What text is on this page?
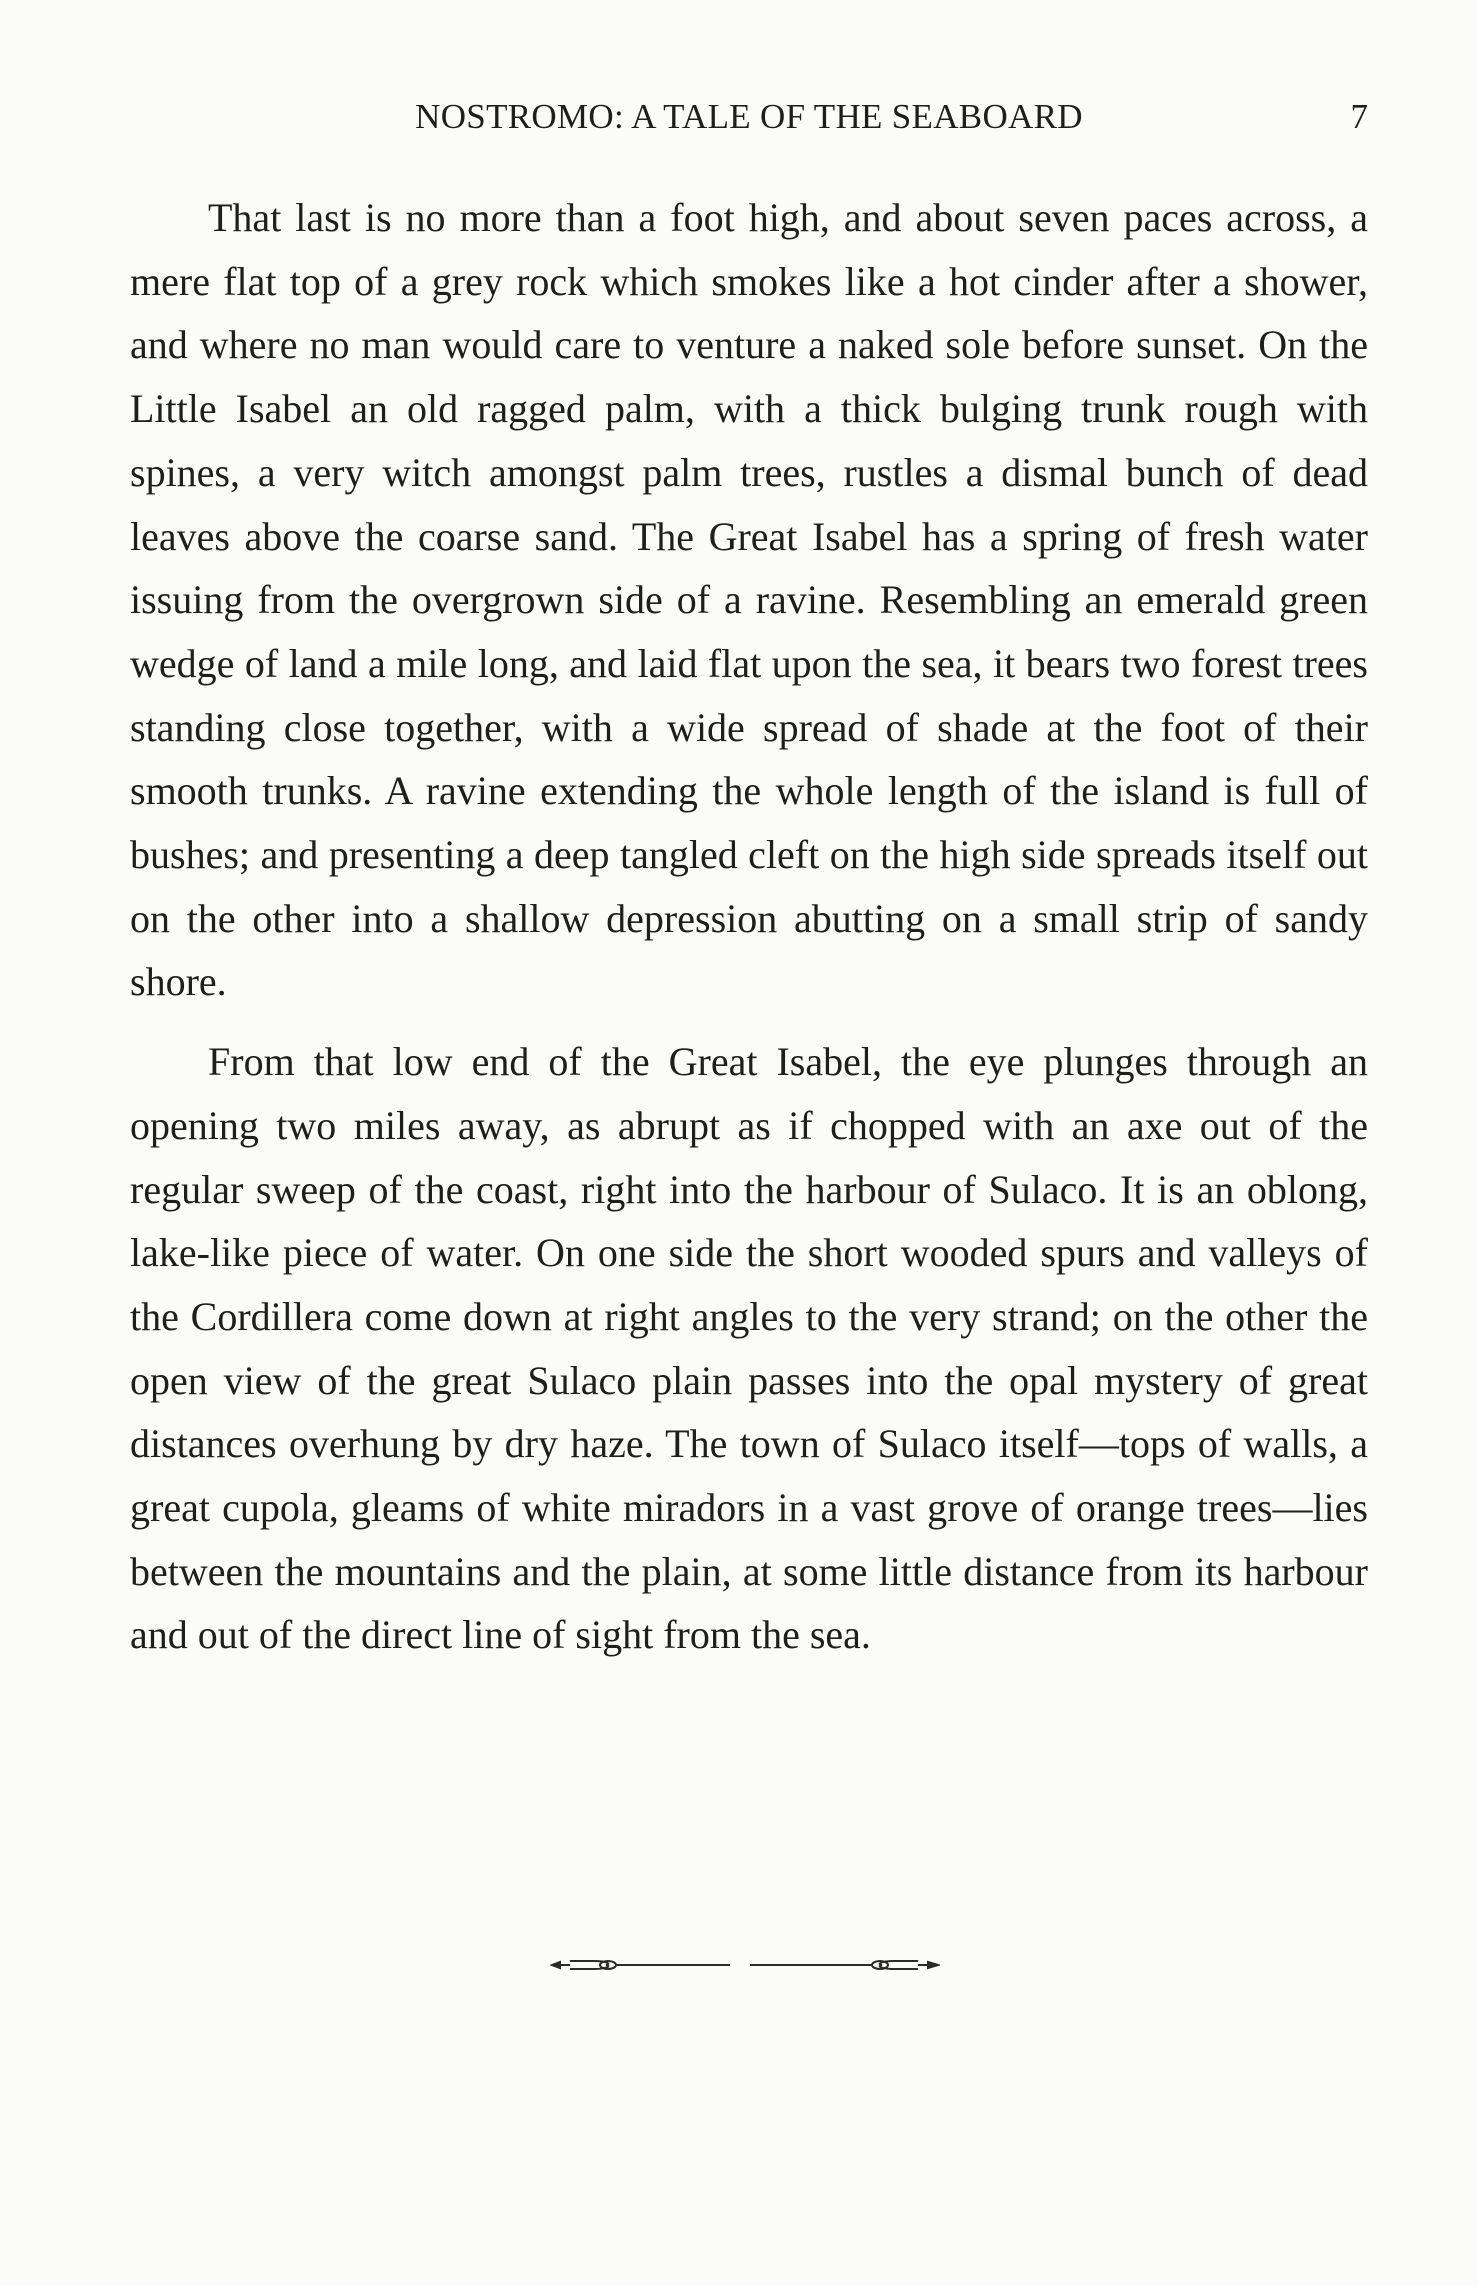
NOSTROMO: A TALE OF THE SEABOARD	7

That last is no more than a foot high, and about seven paces across, a mere flat top of a grey rock which smokes like a hot cinder after a shower, and where no man would care to venture a naked sole before sunset. On the Little Isabel an old ragged palm, with a thick bulging trunk rough with spines, a very witch amongst palm trees, rustles a dismal bunch of dead leaves above the coarse sand. The Great Isabel has a spring of fresh water issuing from the overgrown side of a ravine. Resembling an emerald green wedge of land a mile long, and laid flat upon the sea, it bears two forest trees standing close together, with a wide spread of shade at the foot of their smooth trunks. A ravine extending the whole length of the island is full of bushes; and presenting a deep tangled cleft on the high side spreads itself out on the other into a shallow depression abutting on a small strip of sandy shore.

From that low end of the Great Isabel, the eye plunges through an opening two miles away, as abrupt as if chopped with an axe out of the regular sweep of the coast, right into the harbour of Sulaco. It is an oblong, lake-like piece of water. On one side the short wooded spurs and valleys of the Cordillera come down at right angles to the very strand; on the other the open view of the great Sulaco plain passes into the opal mystery of great distances overhung by dry haze. The town of Sulaco itself—tops of walls, a great cupola, gleams of white miradors in a vast grove of orange trees—lies between the mountains and the plain, at some little distance from its harbour and out of the direct line of sight from the sea.
